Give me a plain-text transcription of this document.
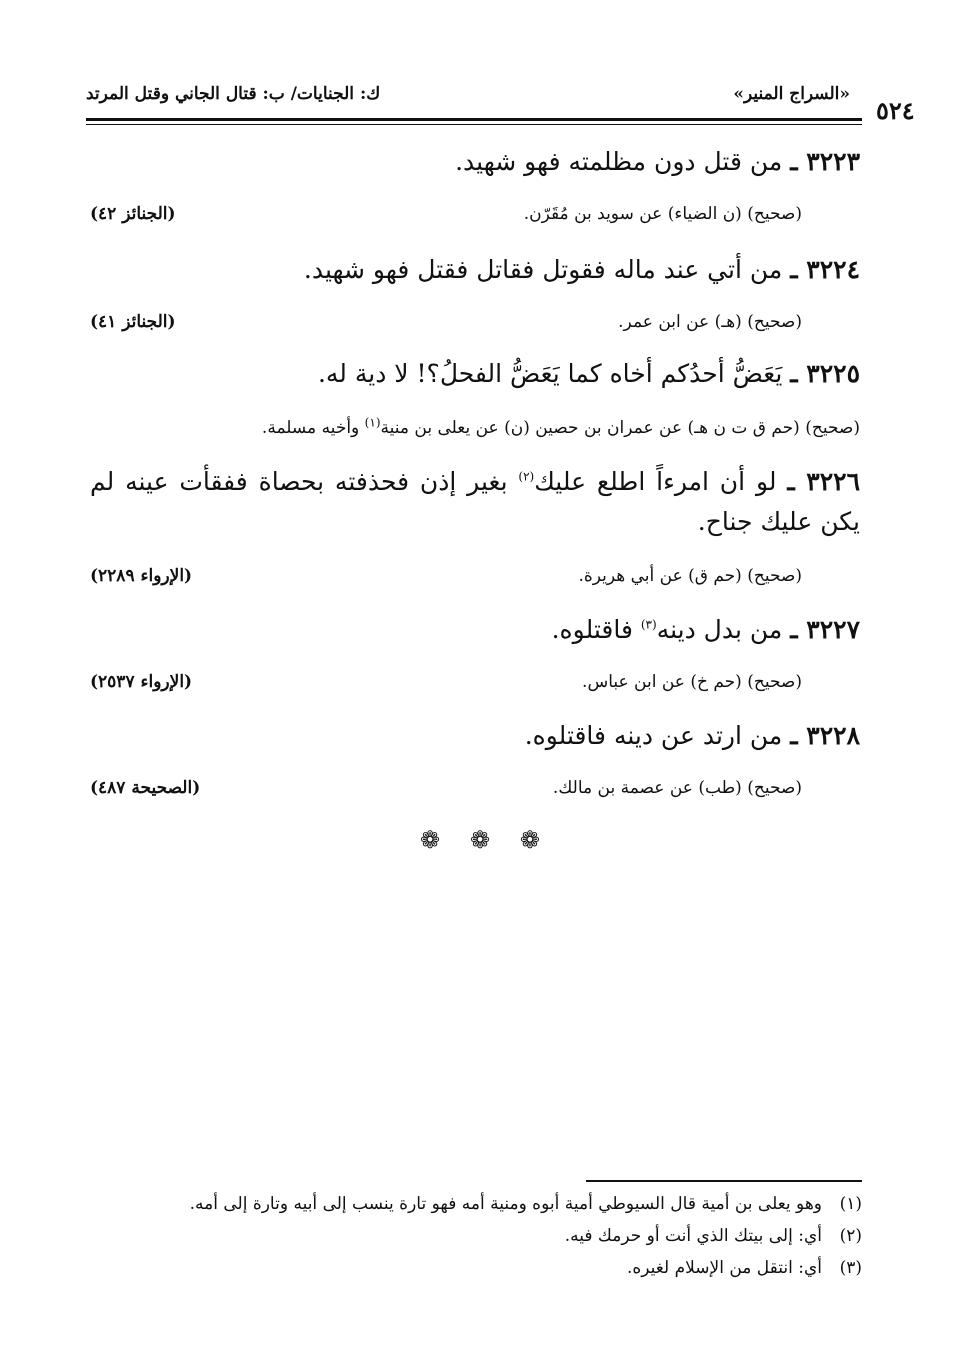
«السراج المنير»
ك: الجنايات/ ب: قتال الجاني وقتل المرتد
٥٢٤
٣٢٢٣ ـ من قتل دون مظلمته فهو شهيد.
(صحيح) (ن الضياء) عن سويد بن مُقَرّن.
(الجنائز ٤٢)
٣٢٢٤ ـ من أتي عند ماله فقوتل فقاتل فقتل فهو شهيد.
(صحيح) (هـ) عن ابن عمر.
(الجنائز ٤١)
٣٢٢٥ ـ يَعَضُّ أحدُكم أخاه كما يَعَضُّ الفحلُ؟! لا دية له.
(صحيح) (حم ق ت ن هـ) عن عمران بن حصين (ن) عن يعلى بن منية$^{(١)}$ وأخيه مسلمة.
٣٢٢٦ ـ لو أن امرءاً اطلع عليك$^{(٢)}$ بغير إذن فحذفته بحصاة ففقأت عينه لم يكن عليك جناح.
(صحيح) (حم ق) عن أبي هريرة.
(الإرواء ٢٢٨٩)
٣٢٢٧ ـ من بدل دينه$^{(٣)}$ فاقتلوه.
(صحيح) (حم خ) عن ابن عباس.
(الإرواء ٢٥٣٧)
٣٢٢٨ ـ من ارتد عن دينه فاقتلوه.
(صحيح) (طب) عن عصمة بن مالك.
(الصحيحة ٤٨٧)
❁ ❁ ❁
(١)وهو يعلى بن أمية قال السيوطي أمية أبوه ومنية أمه فهو تارة ينسب إلى أبيه وتارة إلى أمه.
(٢)أي: إلى بيتك الذي أنت أو حرمك فيه.
(٣)أي: انتقل من الإسلام لغيره.
